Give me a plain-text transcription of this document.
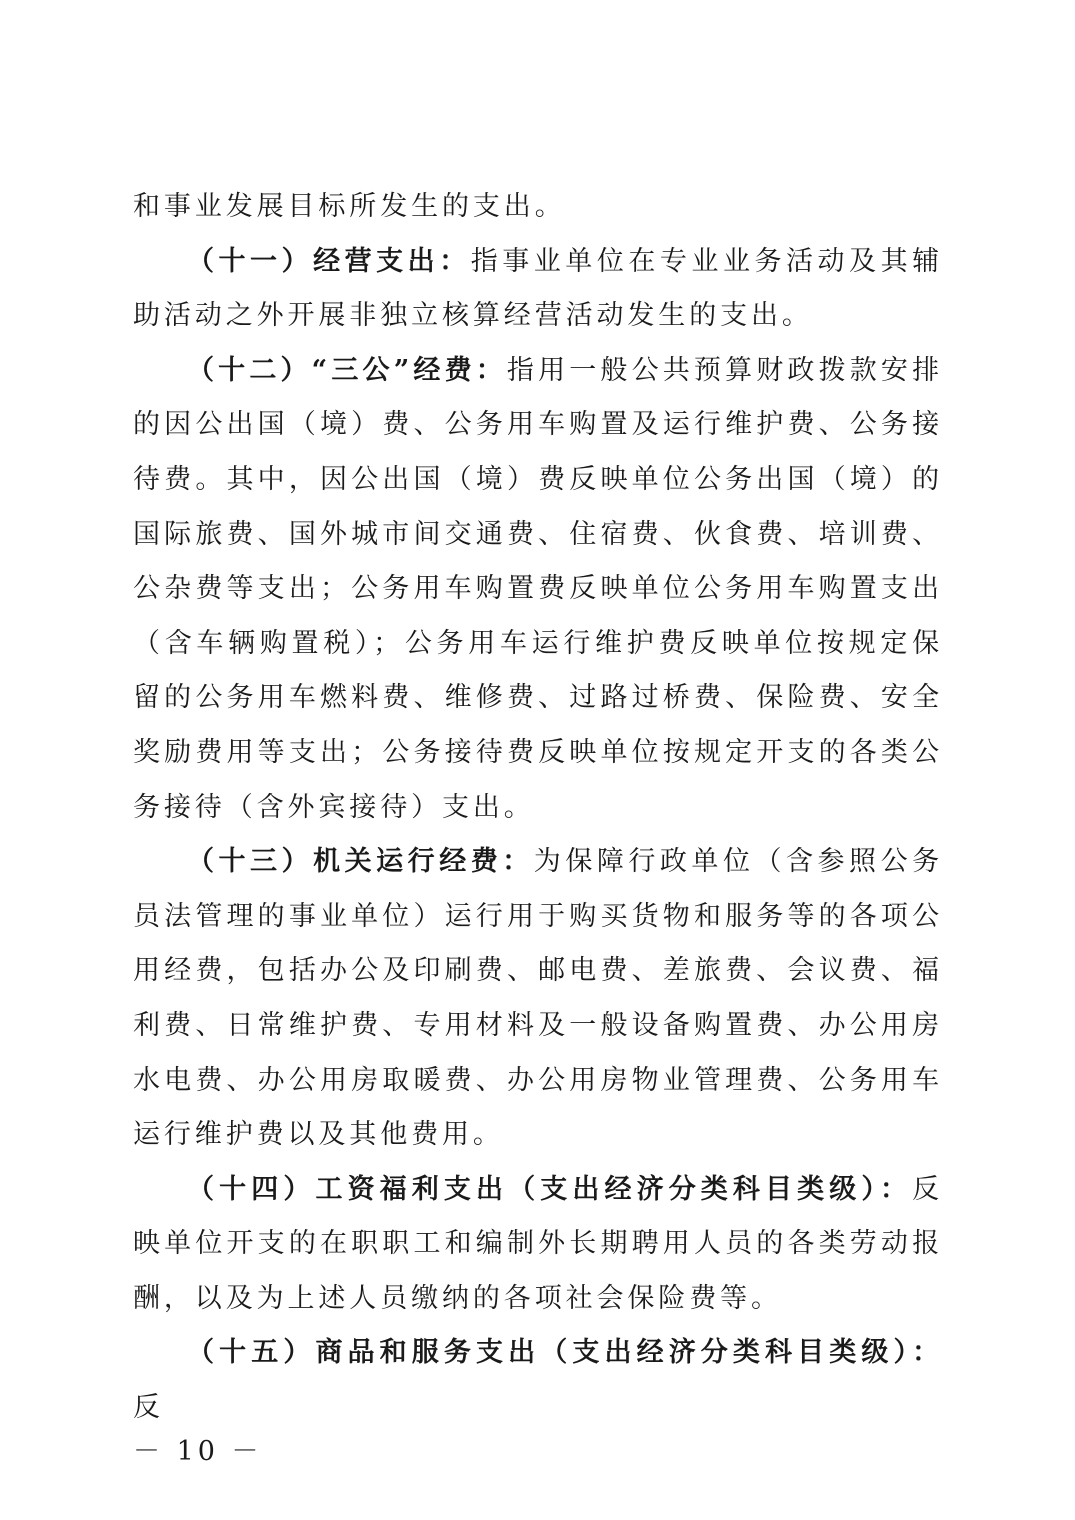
和事业发展目标所发生的支出。

（十一）经营支出：指事业单位在专业业务活动及其辅助活动之外开展非独立核算经营活动发生的支出。

（十二）“三公”经费：指用一般公共预算财政拨款安排的因公出国（境）费、公务用车购置及运行维护费、公务接待费。其中，因公出国（境）费反映单位公务出国（境）的国际旅费、国外城市间交通费、住宿费、伙食费、培训费、公杂费等支出；公务用车购置费反映单位公务用车购置支出（含车辆购置税）；公务用车运行维护费反映单位按规定保留的公务用车燃料费、维修费、过路过桥费、保险费、安全奖励费用等支出；公务接待费反映单位按规定开支的各类公务接待（含外宾接待）支出。

（十三）机关运行经费：为保障行政单位（含参照公务员法管理的事业单位）运行用于购买货物和服务等的各项公用经费，包括办公及印刷费、邮电费、差旅费、会议费、福利费、日常维护费、专用材料及一般设备购置费、办公用房水电费、办公用房取暖费、办公用房物业管理费、公务用车运行维护费以及其他费用。

（十四）工资福利支出（支出经济分类科目类级）：反映单位开支的在职职工和编制外长期聘用人员的各类劳动报酬，以及为上述人员缴纳的各项社会保险费等。

（十五）商品和服务支出（支出经济分类科目类级）：反

－ 10 －
